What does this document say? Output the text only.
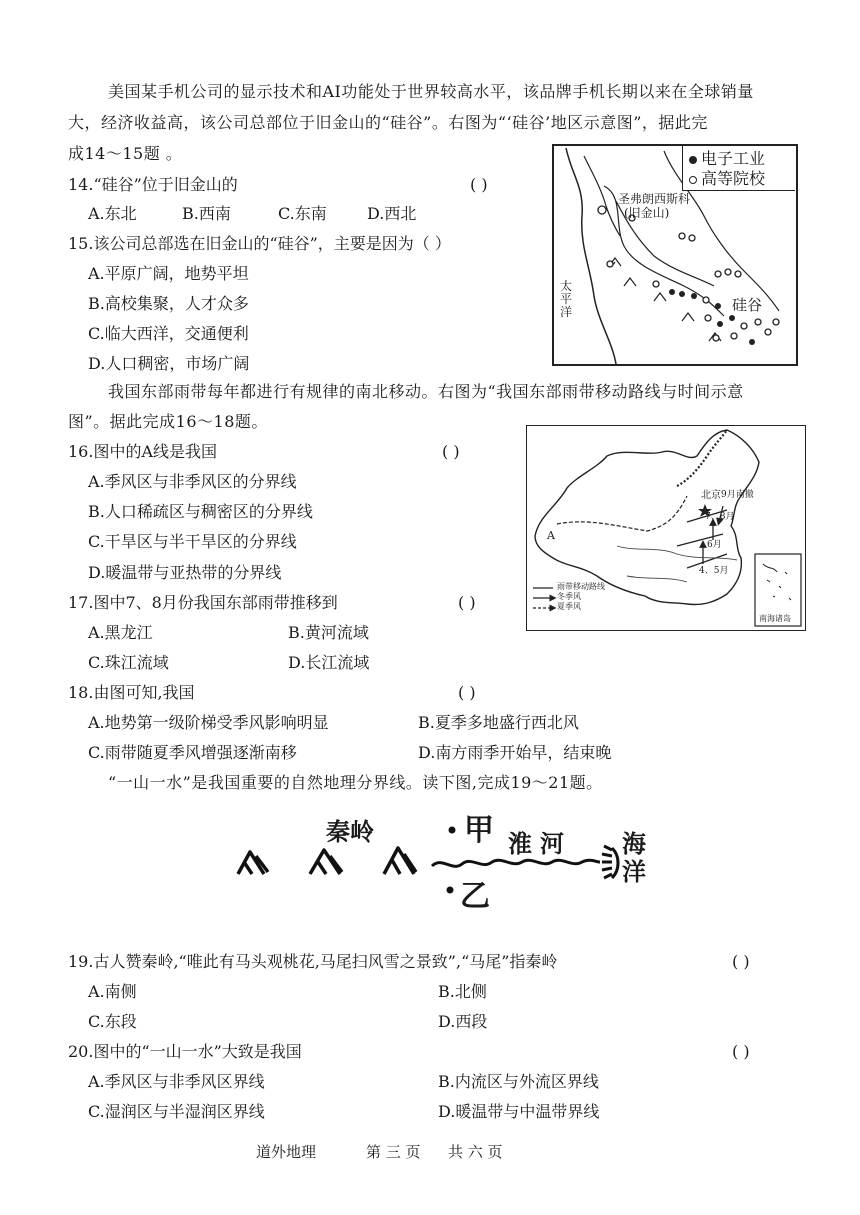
美国某手机公司的显示技术和AI功能处于世界较高水平，该品牌手机长期以来在全球销量
大，经济收益高，该公司总部位于旧金山的“硅谷”。右图为“‘硅谷’地区示意图”，据此完
成14～15题 。
14.“硅谷”位于旧金山的	( )
A.东北	B.西南	C.东南	D.西北
15.该公司总部选在旧金山的“硅谷”，主要是因为（ ）
A.平原广阔，地势平坦
B.高校集聚，人才众多
C.临大西洋，交通便利
D.人口稠密，市场广阔
电子工业
高等院校
圣弗朗西斯科
(旧金山)
太
平
洋	硅谷
我国东部雨带每年都进行有规律的南北移动。右图为“我国东部雨带移动路线与时间示意
图”。据此完成16～18题。
16.图中的A线是我国	( )
A.季风区与非季风区的分界线
B.人口稀疏区与稠密区的分界线
C.干旱区与半干旱区的分界线
D.暖温带与亚热带的分界线
北京 9月南撤
7、8月
6月
4、5月
A
雨带移动路线
冬季风
夏季风
南海诸岛
17.图中7、8月份我国东部雨带推移到	( )
A.黑龙江	B.黄河流域
C.珠江流域	D.长江流域
18.由图可知,我国	( )
A.地势第一级阶梯受季风影响明显	B.夏季多地盛行西北风
C.雨带随夏季风增强逐渐南移	D.南方雨季开始早，结束晚
“一山一水”是我国重要的自然地理分界线。读下图,完成19～21题。
秦岭	甲 淮河
乙
海
洋
19.古人赞秦岭,“唯此有马头观桃花,马尾扫风雪之景致”,“马尾”指秦岭	( )
A.南侧	B.北侧
C.东段	D.西段
20.图中的“一山一水”大致是我国	( )
A.季风区与非季风区界线	B.内流区与外流区界线
C.湿润区与半湿润区界线	D.暖温带与中温带界线
道外地理	第 三 页 共 六 页
